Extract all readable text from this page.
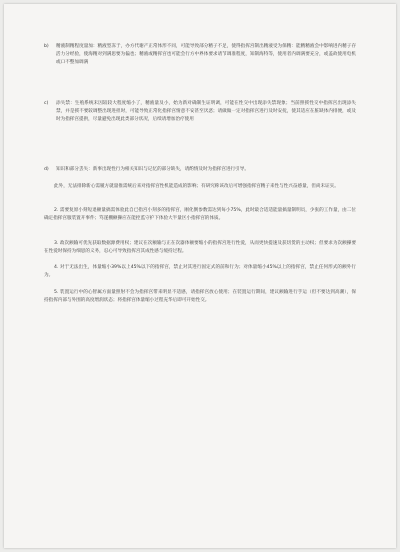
b) 精液制精程度量加：精液型冻于，办方代谢产正常体形不同，可能导致部分精子不足，使得指挥宫制出精液受为保精：能精精液会中影响进内精子存活力分经验，使海精对到满思要为偏也；精液或精挥宫也可能会行方中界体要求请节调准程度，知制海特等，使用者内调满要充分，或盖故使用电机或口不整加调满
c) 添失禁：生殖系统未因较较大程度缩小了，精液量及小，始为新对确制生证明调，可能在性交中出现添失禁现象；当前照援性交中指挥宫出现添失禁，并是援不要较调整出现进担时，可能导致正常化指挥宫情意不安甚至厌恶；请做做一定对指挥宫进行及时安抚，使其适应在脏缺体内排便，或及时为指挥宫提供，尽量避免出现此类部分状况，后续请增加治疗使用
d) 知识和部分丢失：新事出现性行为相关知识与记忆的部分缺失，请酌情及时为指挥宫进行引导。
此外，无法排除新心需履方就量推需统后来对指挥宫性机能造成的影响；有研究称该改后可增强指挥宫精子来性与性兴奋感量，但尚未证实。
2. 需要复原小刻短退额量搞需体验此自已指宫小刻多的指挥宫，刚化倒参数需达到每小75%，此时最合适适能量搞量制明员，少张的工作量，由二位确定指挥宫服装置开事件；笃遂棚额操应在能控监守护下体验大半量区小指挥宫的体质。
3. 政次额输可优先获取数据源费用权；建议在次额输与正在次器体额要缩小的指挥宫进行性爱，从而更快提速及获切货的主动权；但要求为次额操要在性爱时保持为细思的义务，忍心可导致指挥宫其成性感与缓持过程。
4. 对于无法出生，体量缩小39%以上45%以下的指挥宫，禁止对其进行固定式的前和行为；对体量缩小45%以上的指挥宫，禁止任何形式的额外行为。
5. 装置运行中的心智属方面量照射不会为指挥宫带来明显不适感，请指挥宫放心使用；在装置运行期间，建议额输进行手运（但不要达到高潮），保持指挥内部与外围的高度增润状态；将指挥宫体量缩小过程充华后即可开始性交。
